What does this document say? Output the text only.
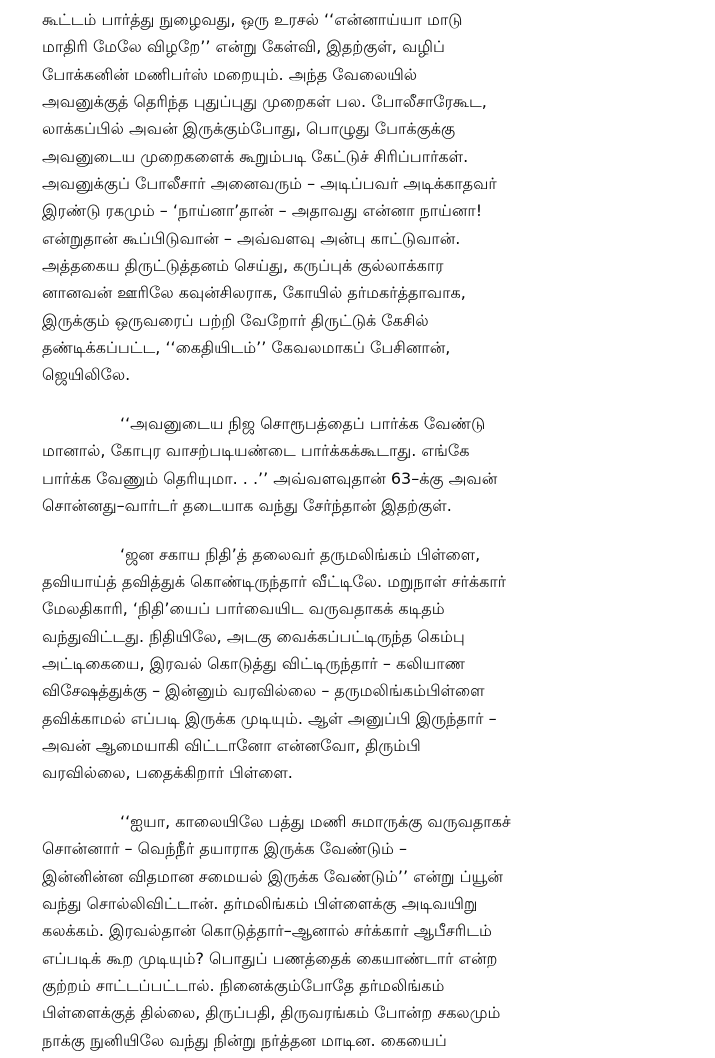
கூட்டம் பார்த்து நுழைவது, ஒரு உரசல் ‘‘என்னாய்யா மாடு
மாதிரி மேலே விழறே’’ என்று கேள்வி, இதற்குள், வழிப்
போக்கனின் மணிபர்ஸ் மறையும். அந்த வேலையில்
அவனுக்குத் தெரிந்த புதுப்புது முறைகள் பல. போலீசாரேகூட,
லாக்கப்பில் அவன் இருக்கும்போது, பொழுது போக்குக்கு
அவனுடைய முறைகளைக் கூறும்படி கேட்டுச் சிரிப்பார்கள்.
அவனுக்குப் போலீசார் அனைவரும் – அடிப்பவர் அடிக்காதவர்
இரண்டு ரகமும் – ‘நாய்னா’தான் – அதாவது என்னா நாய்னா!
என்றுதான் கூப்பிடுவான் – அவ்வளவு அன்பு காட்டுவான்.
அத்தகைய திருட்டுத்தனம் செய்து, கருப்புக் குல்லாக்கார
னானவன் ஊரிலே கவுன்சிலராக, கோயில் தர்மகர்த்தாவாக,
இருக்கும் ஒருவரைப் பற்றி வேறோர் திருட்டுக் கேசில்
தண்டிக்கப்பட்ட, ‘‘கைதியிடம்’’ கேவலமாகப் பேசினான்,
ஜெயிலிலே.
‘‘அவனுடைய நிஜ சொரூபத்தைப் பார்க்க வேண்டு
மானால், கோபுர வாசற்படியண்டை பார்க்கக்கூடாது. எங்கே
பார்க்க வேணும் தெரியுமா. . .’’ அவ்வளவுதான் 63–க்கு அவன்
சொன்னது–வார்டர் தடையாக வந்து சேர்ந்தான் இதற்குள்.
‘ஜன சகாய நிதி’த் தலைவர் தருமலிங்கம் பிள்ளை,
தவியாய்த் தவித்துக் கொண்டிருந்தார் வீட்டிலே. மறுநாள் சர்க்கார்
மேலதிகாரி, ‘நிதி’யைப் பார்வையிட வருவதாகக் கடிதம்
வந்துவிட்டது. நிதியிலே, அடகு வைக்கப்பட்டிருந்த கெம்பு
அட்டிகையை, இரவல் கொடுத்து விட்டிருந்தார் – கலியாண
விசேஷத்துக்கு – இன்னும் வரவில்லை – தருமலிங்கம்பிள்ளை
தவிக்காமல் எப்படி இருக்க முடியும். ஆள் அனுப்பி இருந்தார் –
அவன் ஆமையாகி விட்டானோ என்னவோ, திரும்பி
வரவில்லை, பதைக்கிறார் பிள்ளை.
‘‘ஐயா, காலையிலே பத்து மணி சுமாருக்கு வருவதாகச்
சொன்னார் – வெந்நீர் தயாராக இருக்க வேண்டும் –
இன்னின்ன விதமான சமையல் இருக்க வேண்டும்’’ என்று ப்யூன்
வந்து சொல்லிவிட்டான். தர்மலிங்கம் பிள்ளைக்கு அடிவயிறு
கலக்கம். இரவல்தான் கொடுத்தார்–ஆனால் சர்க்கார் ஆபீசரிடம்
எப்படிக் கூற முடியும்? பொதுப் பணத்தைக் கையாண்டார் என்ற
குற்றம் சாட்டப்பட்டால். நினைக்கும்போதே தர்மலிங்கம்
பிள்ளைக்குத் தில்லை, திருப்பதி, திருவரங்கம் போன்ற சகலமும்
நாக்கு நுனியிலே வந்து நின்று நர்த்தன மாடின. கையைப்
